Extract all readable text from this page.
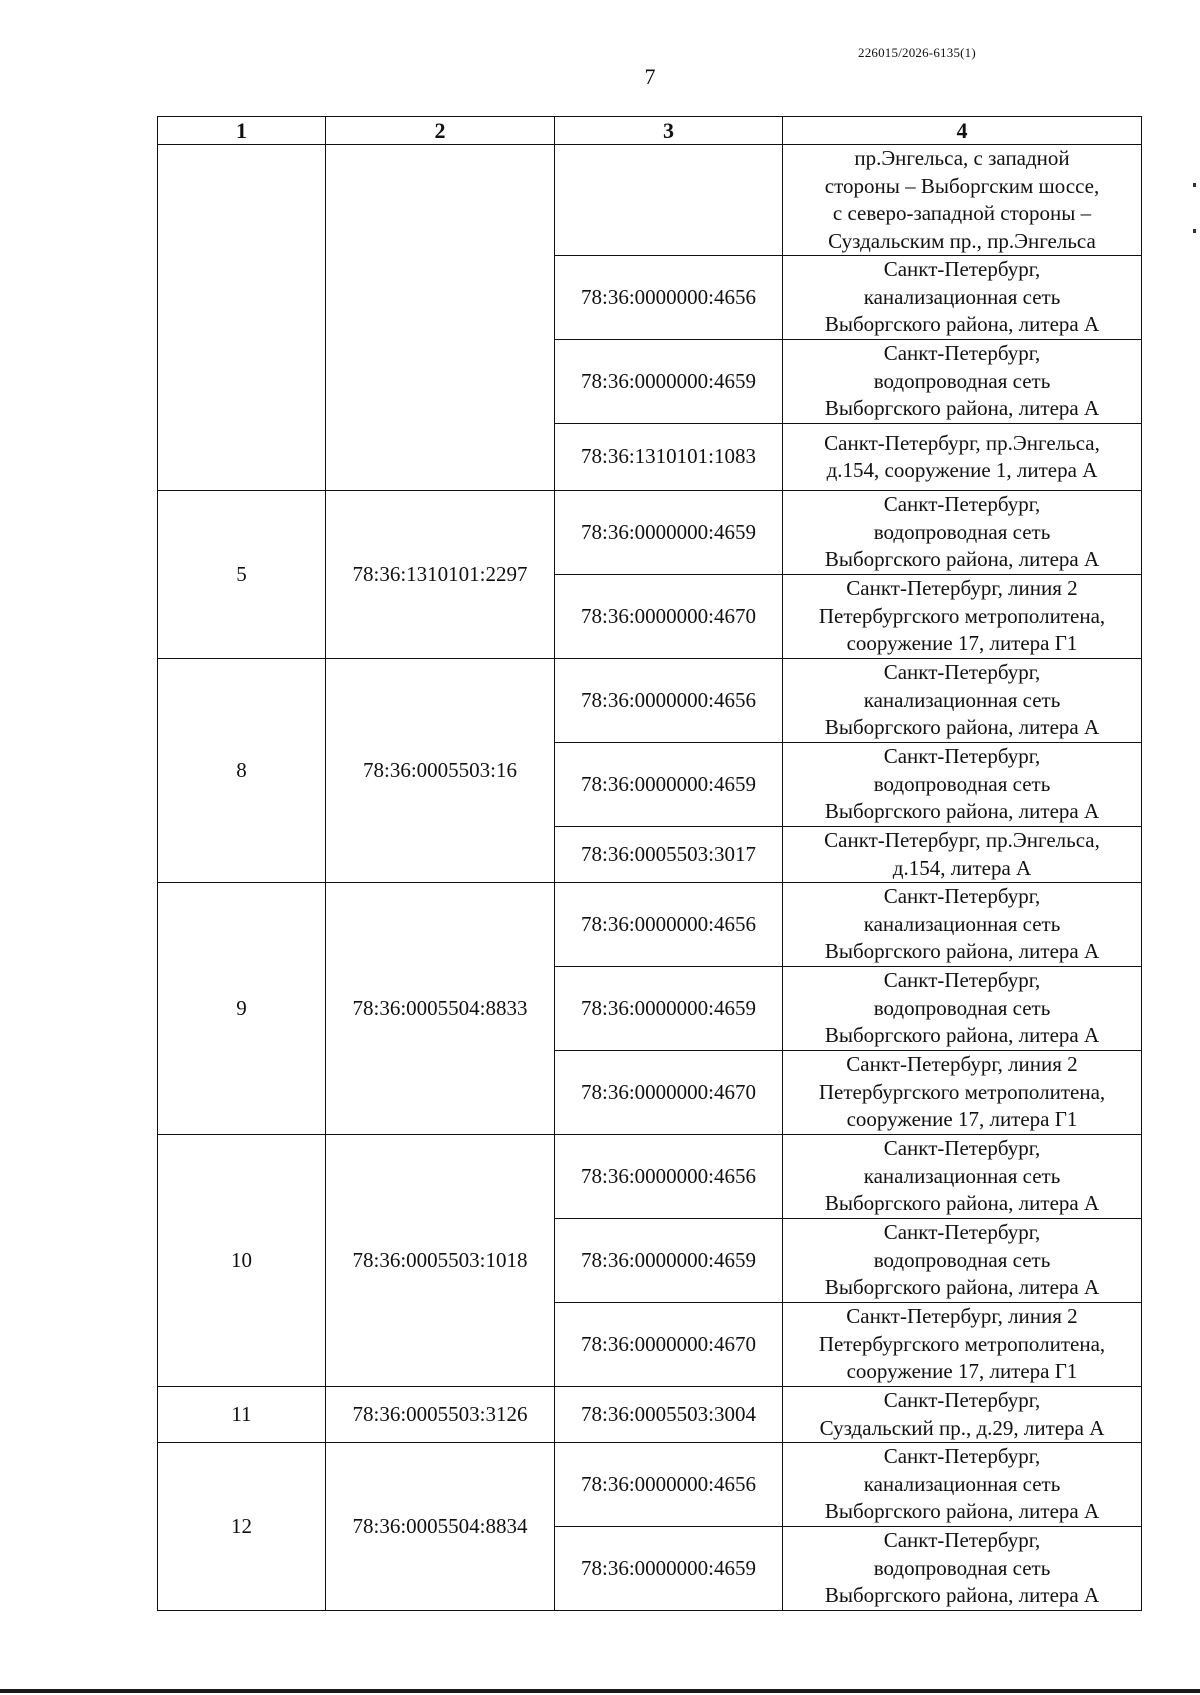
226015/2026-6135(1)
7
1	2	3	4
			пр.Энгельса, с западной
стороны – Выборгским шоссе,
с северо-западной стороны –
Суздальским пр., пр.Энгельса
		78:36:0000000:4656	Санкт-Петербург,
канализационная сеть
Выборгского района, литера А
		78:36:0000000:4659	Санкт-Петербург,
водопроводная сеть
Выборгского района, литера А
		78:36:1310101:1083	Санкт-Петербург, пр.Энгельса,
д.154, сооружение 1, литера А
5	78:36:1310101:2297	78:36:0000000:4659	Санкт-Петербург,
водопроводная сеть
Выборгского района, литера А
		78:36:0000000:4670	Санкт-Петербург, линия 2
Петербургского метрополитена,
сооружение 17, литера Г1
8	78:36:0005503:16	78:36:0000000:4656	Санкт-Петербург,
канализационная сеть
Выборгского района, литера А
		78:36:0000000:4659	Санкт-Петербург,
водопроводная сеть
Выборгского района, литера А
		78:36:0005503:3017	Санкт-Петербург, пр.Энгельса,
д.154, литера А
9	78:36:0005504:8833	78:36:0000000:4656	Санкт-Петербург,
канализационная сеть
Выборгского района, литера А
		78:36:0000000:4659	Санкт-Петербург,
водопроводная сеть
Выборгского района, литера А
		78:36:0000000:4670	Санкт-Петербург, линия 2
Петербургского метрополитена,
сооружение 17, литера Г1
10	78:36:0005503:1018	78:36:0000000:4656	Санкт-Петербург,
канализационная сеть
Выборгского района, литера А
		78:36:0000000:4659	Санкт-Петербург,
водопроводная сеть
Выборгского района, литера А
		78:36:0000000:4670	Санкт-Петербург, линия 2
Петербургского метрополитена,
сооружение 17, литера Г1
11	78:36:0005503:3126	78:36:0005503:3004	Санкт-Петербург,
Суздальский пр., д.29, литера А
12	78:36:0005504:8834	78:36:0000000:4656	Санкт-Петербург,
канализационная сеть
Выборгского района, литера А
		78:36:0000000:4659	Санкт-Петербург,
водопроводная сеть
Выборгского района, литера А
